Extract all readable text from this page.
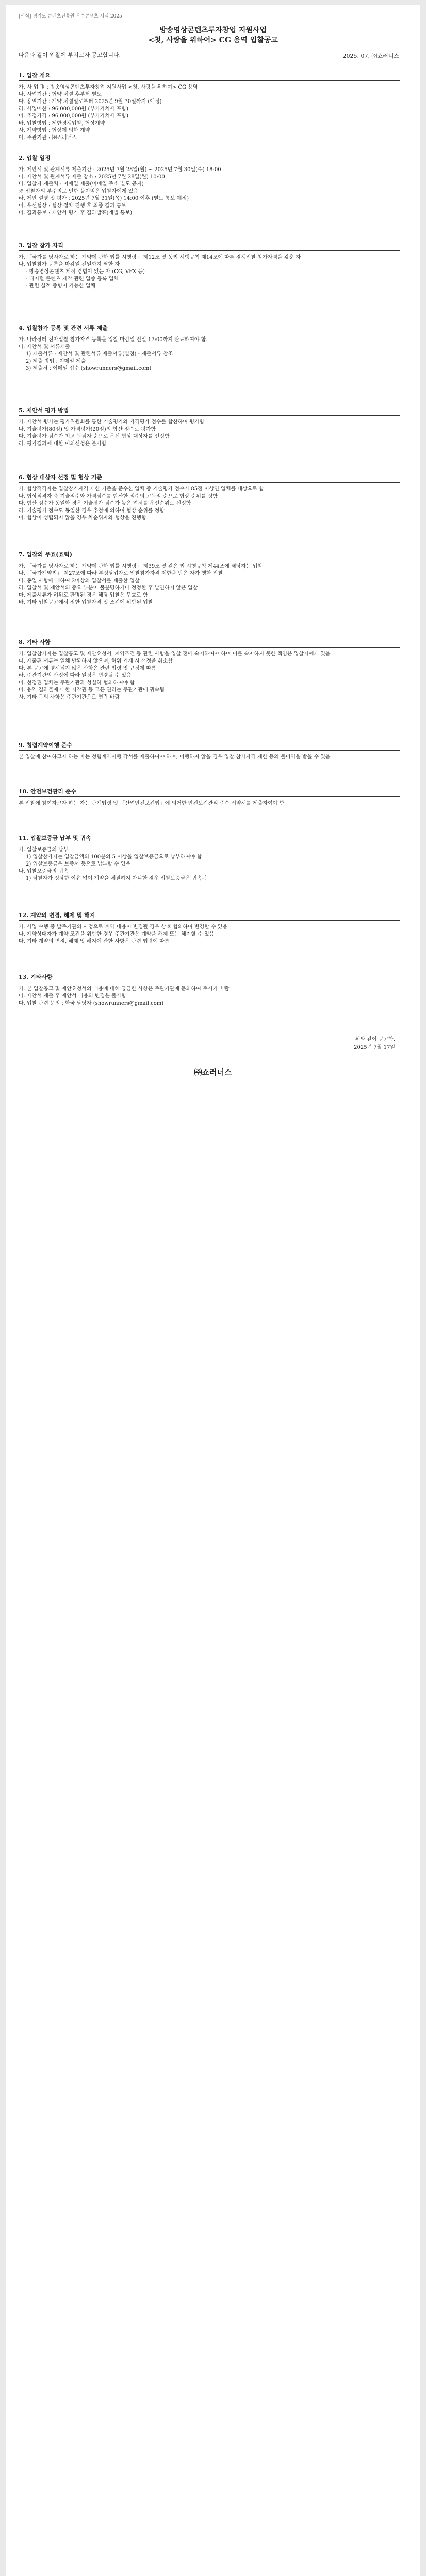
[서식] 경기도 콘텐츠진흥원 우수콘텐츠 서식 2025
방송영상콘텐츠투자창업 지원사업
<첫, 사랑을 위하여> CG 용역 입찰공고
다음과 같이 입찰에 부치고자 공고합니다.	2025. 07. ㈜쇼러너스
1. 입찰 개요
가. 사 업 명 : 방송영상콘텐츠투자창업 지원사업 <첫, 사랑을 위하여> CG 용역
나. 사업기간 : 협약 체결 후부터 별도
다. 용역기간 : 계약 체결일로부터 2025년 9월 30일까지 (예정)
라. 사업예산 : 96,000,000원 (부가가치세 포함)
마. 추정가격 : 96,000,000원 (부가가치세 포함)
바. 입찰방법 : 제한경쟁입찰, 협상계약
사. 계약방법 : 협상에 의한 계약
아. 주관기관 : ㈜쇼러너스
2. 입찰 일정
가. 제안서 및 관계서류 제출기간 : 2025년 7월 28일(월) ~ 2025년 7월 30일(수) 18:00
나. 제안서 및 관계서류 제출 장소 : 2025년 7월 28일(월) 10:00
다. 입찰자 제출처 : 이메일 제출(이메일 주소 별도 공지)
※ 입찰자의 부주의로 인한 불이익은 입찰자에게 있음
라. 제안 설명 및 평가 : 2025년 7월 31일(목) 14:00 이후 (별도 통보 예정)
마. 우선협상 : 협상 절차 진행 후 최종 결과 통보
바. 결과통보 : 제안서 평가 후 결과발표(개별 통보)
3. 입찰 참가 자격
가. 「국가를 당사자로 하는 계약에 관한 법률 시행령」 제12조 및 동법 시행규칙 제14조에 따른 경쟁입찰 참가자격을 갖춘 자
나. 입찰참가 등록을 마감일 전일까지 필한 자
- 방송영상콘텐츠 제작 경험이 있는 자 (CG, VFX 등)
- 디지털 콘텐츠 제작 관련 업종 등록 업체
- 관련 실적 증빙이 가능한 업체
4. 입찰참가 등록 및 관련 서류 제출
가. 나라장터 전자입찰 참가자격 등록을 입찰 마감일 전일 17:00까지 완료하여야 함.
나. 제안서 및 서류제출
1) 제출서류 : 제안서 및 관련서류 제출서류(별첨) - 제출서류 참조
2) 제출 방법 : 이메일 제출
3) 제출처 : 이메일 접수 (showrunners@gmail.com)
5. 제안서 평가 방법
가. 제안서 평가는 평가위원회를 통한 기술평가와 가격평가 점수를 합산하여 평가함
나. 기술평가(80점) 및 가격평가(20점)의 합산 점수로 평가함
다. 기술평가 점수가 최고 득점자 순으로 우선 협상 대상자를 선정함
라. 평가결과에 대한 이의신청은 불가함
6. 협상 대상자 선정 및 협상 기준
가. 협상적격자는 입찰참가자격 제한 기준을 준수한 업체 중 기술평가 점수가 85점 이상인 업체를 대상으로 함
나. 협상적격자 중 기술점수와 가격점수를 합산한 점수의 고득점 순으로 협상 순위를 정함
다. 합산 점수가 동일한 경우 기술평가 점수가 높은 업체를 우선순위로 선정함
라. 기술평가 점수도 동일한 경우 추첨에 의하여 협상 순위를 정함
마. 협상이 성립되지 않을 경우 차순위자와 협상을 진행함
7. 입찰의 무효(효력)
가. 「국가를 당사자로 하는 계약에 관한 법률 시행령」 제39조 및 같은 법 시행규칙 제44조에 해당하는 입찰
나. 「국가계약법」 제27조에 따라 부정당업자로 입찰참가자격 제한을 받은 자가 행한 입찰
다. 동일 사항에 대하여 2이상의 입찰서를 제출한 입찰
라. 입찰서 및 제안서의 중요 부분이 불분명하거나 정정한 후 날인하지 않은 입찰
마. 제출서류가 허위로 판명된 경우 해당 입찰은 무효로 함
바. 기타 입찰공고에서 정한 입찰자격 및 조건에 위반된 입찰
8. 기타 사항
가. 입찰참가자는 입찰공고 및 제안요청서, 계약조건 등 관련 사항을 입찰 전에 숙지하여야 하며 이를 숙지하지 못한 책임은 입찰자에게 있음
나. 제출된 서류는 일체 반환하지 않으며, 허위 기재 시 선정을 취소함
다. 본 공고에 명시되지 않은 사항은 관련 법령 및 규정에 따름
라. 주관기관의 사정에 따라 일정은 변경될 수 있음
마. 선정된 업체는 주관기관과 성실히 협의하여야 함
바. 용역 결과물에 대한 저작권 등 모든 권리는 주관기관에 귀속됨
사. 기타 문의 사항은 주관기관으로 연락 바람
9. 청렴계약이행 준수
본 입찰에 참여하고자 하는 자는 청렴계약이행 각서를 제출하여야 하며, 이행하지 않을 경우 입찰 참가자격 제한 등의 불이익을 받을 수 있음
10. 안전보건관리 준수
본 입찰에 참여하고자 하는 자는 관계법령 및 「산업안전보건법」에 의거한 안전보건관리 준수 서약서를 제출하여야 함
11. 입찰보증금 납부 및 귀속
가. 입찰보증금의 납부
1) 입찰참가자는 입찰금액의 100분의 5 이상을 입찰보증금으로 납부하여야 함
2) 입찰보증금은 보증서 등으로 납부할 수 있음
나. 입찰보증금의 귀속
1) 낙찰자가 정당한 이유 없이 계약을 체결하지 아니한 경우 입찰보증금은 귀속됨
12. 계약의 변경, 해제 및 해지
가. 사업 수행 중 발주기관의 사정으로 계약 내용이 변경될 경우 상호 협의하여 변경할 수 있음
나. 계약상대자가 계약 조건을 위반한 경우 주관기관은 계약을 해제 또는 해지할 수 있음
다. 기타 계약의 변경, 해제 및 해지에 관한 사항은 관련 법령에 따름
13. 기타사항
가. 본 입찰공고 및 제안요청서의 내용에 대해 궁금한 사항은 주관기관에 문의하여 주시기 바람
나. 제안서 제출 후 제안서 내용의 변경은 불가함
다. 입찰 관련 문의 : 한국 담당자 (showrunners@gmail.com)
위와 같이 공고함.
2025년 7월 17일
㈜쇼러너스
